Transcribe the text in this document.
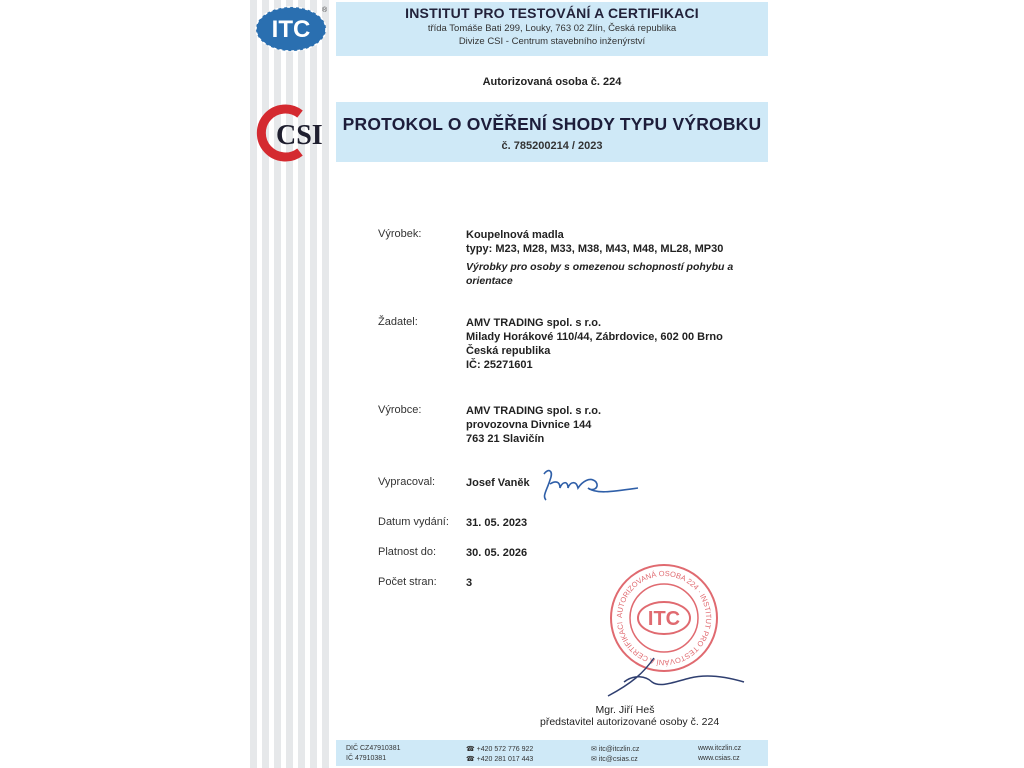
ITC
®
CSI
INSTITUT PRO TESTOVÁNÍ A CERTIFIKACI
třída Tomáše Bati 299, Louky, 763 02 Zlín, Česká republika
Divize CSI - Centrum stavebního inženýrství
Autorizovaná osoba č. 224
PROTOKOL O OVĚŘENÍ SHODY TYPU VÝROBKU
č. 785200214 / 2023
Výrobek:	Koupelnová madla
typy: M23, M28, M33, M38, M43, M48, ML28, MP30
Výrobky pro osoby s omezenou schopností pohybu a
orientace
Žadatel:	AMV TRADING spol. s r.o.
Milady Horákové 110/44, Zábrdovice, 602 00 Brno
Česká republika
IČ: 25271601
Výrobce:	AMV TRADING spol. s r.o.
provozovna Divnice 144
763 21 Slavičín
Vypracoval:	Josef Vaněk
Datum vydání: 31. 05. 2023
Platnost do:	30. 05. 2026
Počet stran:	3
AUTORIZOVANÁ OSOBA 224 · INSTITUT PRO TESTOVÁNÍ A CERTIFIKACI	ITC
Mgr. Jiří Heš
představitel autorizované osoby č. 224
DIČ CZ47910381
IČ 47910381
☎ +420 572 776 922
☎ +420 281 017 443
✉ itc@itczlin.cz
✉ itc@csias.cz
www.itczlin.cz
www.csias.cz
